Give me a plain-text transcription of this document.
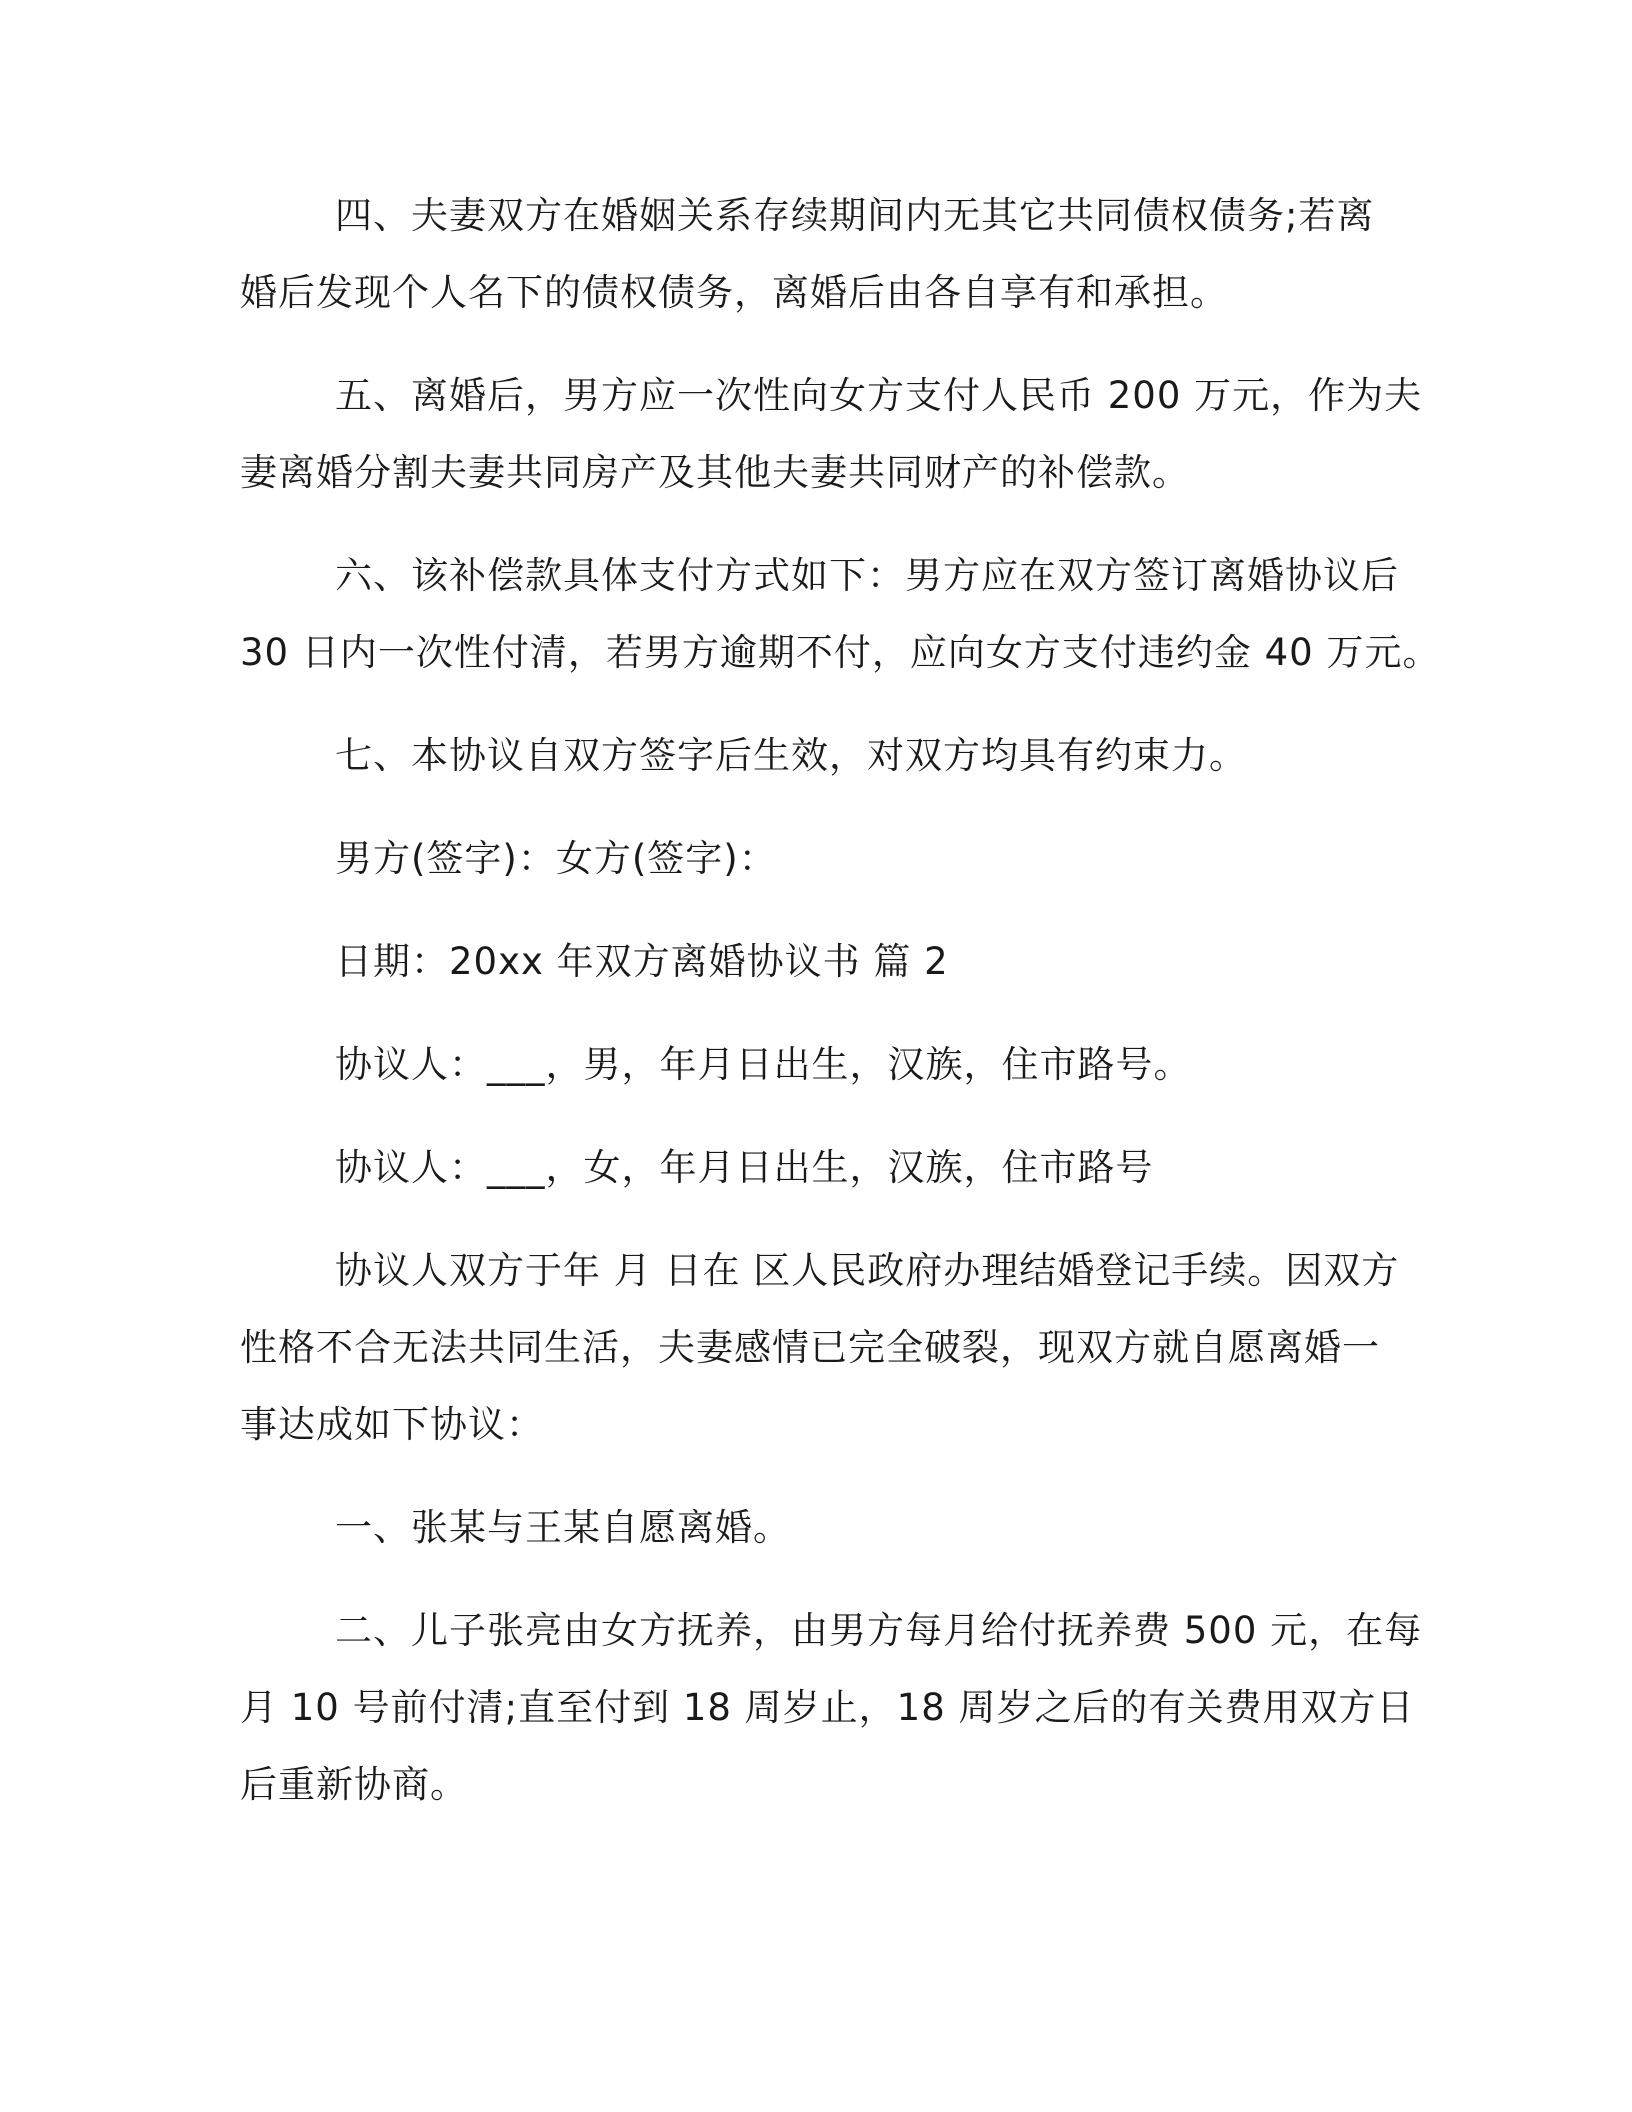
四、夫妻双方在婚姻关系存续期间内无其它共同债权债务;若离
婚后发现个人名下的债权债务，离婚后由各自享有和承担。
五、离婚后，男方应一次性向女方支付人民币 200 万元，作为夫
妻离婚分割夫妻共同房产及其他夫妻共同财产的补偿款。
六、该补偿款具体支付方式如下：男方应在双方签订离婚协议后
30 日内一次性付清，若男方逾期不付，应向女方支付违约金 40 万元。
七、本协议自双方签字后生效，对双方均具有约束力。
男方(签字)：女方(签字)：
日期：20xx 年双方离婚协议书 篇 2
协议人：___，男，年月日出生，汉族，住市路号。
协议人：___，女，年月日出生，汉族，住市路号
协议人双方于年 月 日在 区人民政府办理结婚登记手续。因双方
性格不合无法共同生活，夫妻感情已完全破裂，现双方就自愿离婚一
事达成如下协议：
一、张某与王某自愿离婚。
二、儿子张亮由女方抚养，由男方每月给付抚养费 500 元，在每
月 10 号前付清;直至付到 18 周岁止，18 周岁之后的有关费用双方日
后重新协商。
